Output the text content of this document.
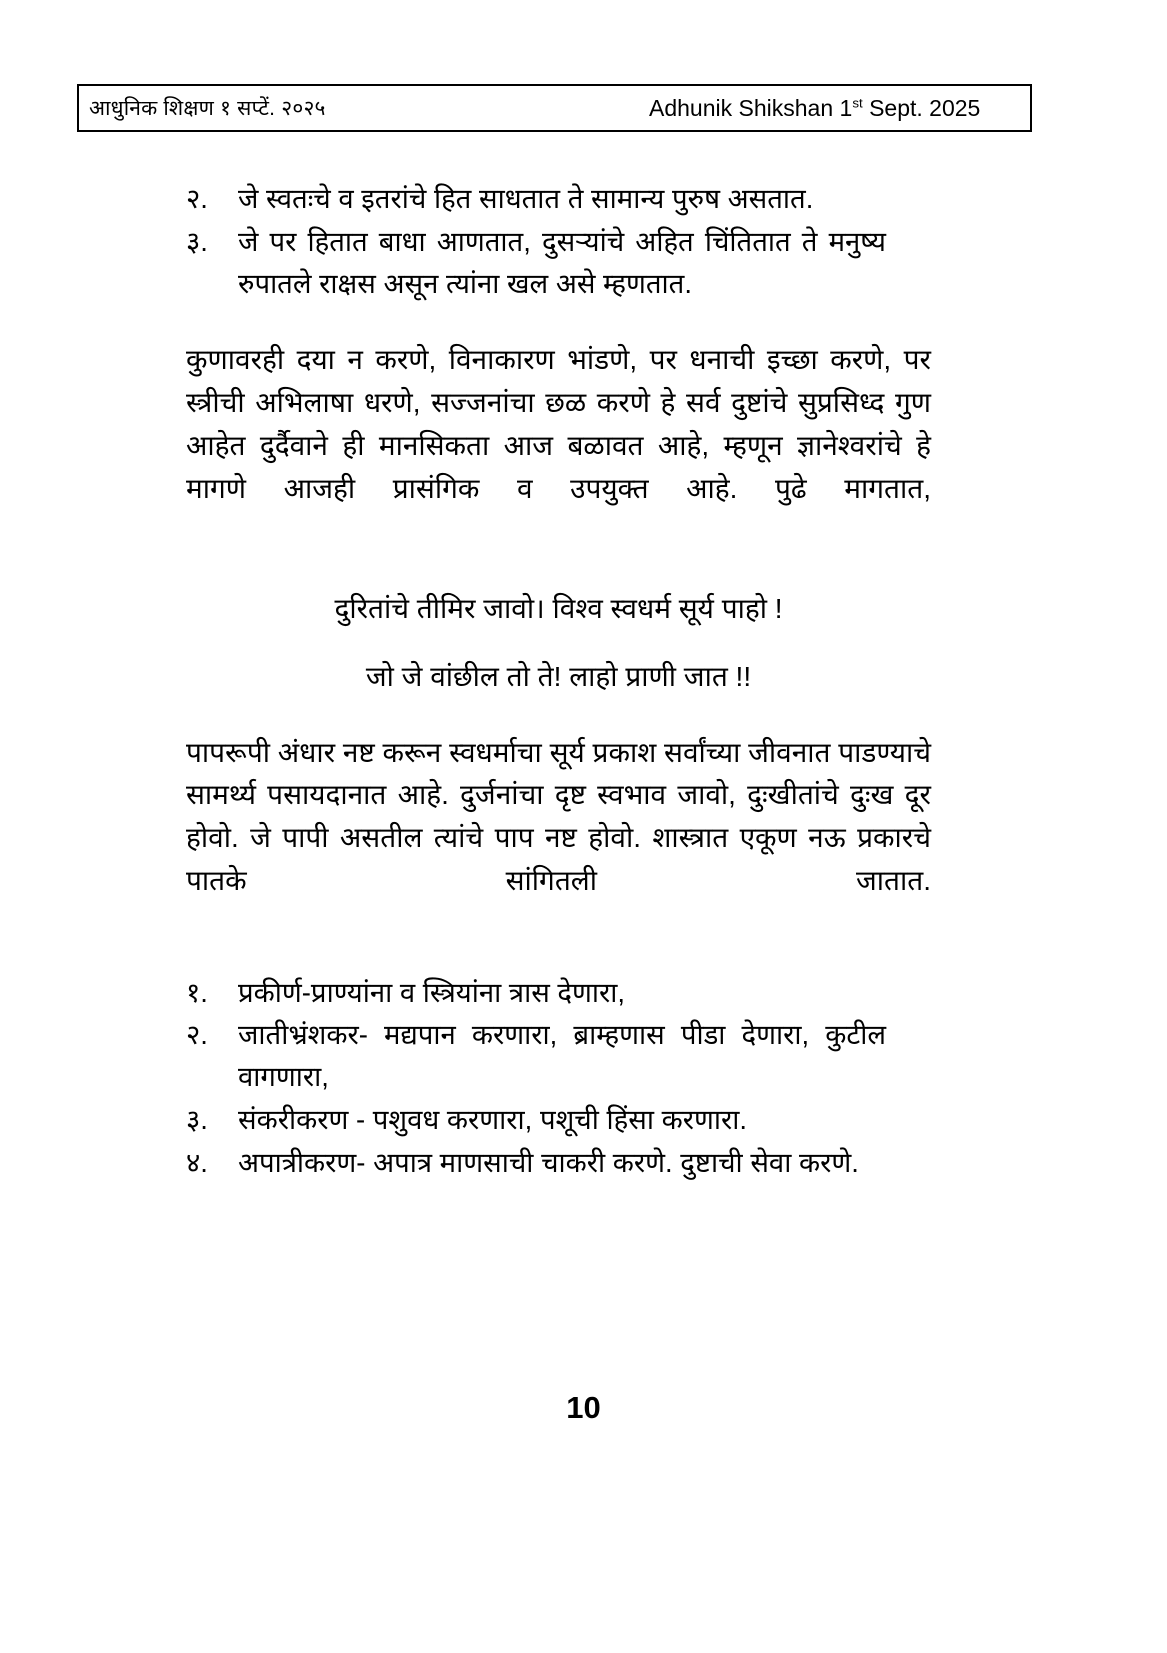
आधुनिक शिक्षण १ सप्टें. २०२५	Adhunik Shikshan 1st Sept. 2025
२.	जे स्वतःचे व इतरांचे हित साधतात ते सामान्य पुरुष असतात.
३.	जे पर हितात बाधा आणतात, दुसऱ्यांचे अहित चिंतितात ते मनुष्य रुपातले राक्षस असून त्यांना खल असे म्हणतात.

कुणावरही दया न करणे, विनाकारण भांडणे, पर धनाची इच्छा करणे, पर स्त्रीची अभिलाषा धरणे, सज्जनांचा छळ करणे हे सर्व दुष्टांचे सुप्रसिध्द गुण आहेत दुर्दैवाने ही मानसिकता आज बळावत आहे, म्हणून ज्ञानेश्वरांचे हे मागणे आजही प्रासंगिक व उपयुक्त आहे. पुढे मागतात,

दुरितांचे तीमिर जावो। विश्व स्वधर्म सूर्य पाहो !

जो जे वांछील तो ते! लाहो प्राणी जात !!

पापरूपी अंधार नष्ट करून स्वधर्माचा सूर्य प्रकाश सर्वांच्या जीवनात पाडण्याचे सामर्थ्य पसायदानात आहे. दुर्जनांचा दृष्ट स्वभाव जावो, दुःखीतांचे दुःख दूर होवो. जे पापी असतील त्यांचे पाप नष्ट होवो. शास्त्रात एकूण नऊ प्रकारचे पातके सांगितली जातात.

१.	प्रकीर्ण-प्राण्यांना व स्त्रियांना त्रास देणारा,
२.	जातीभ्रंशकर- मद्यपान करणारा, ब्राम्हणास पीडा देणारा, कुटील वागणारा,
३.	संकरीकरण - पशुवध करणारा, पशूची हिंसा करणारा.
४.	अपात्रीकरण- अपात्र माणसाची चाकरी करणे. दुष्टाची सेवा करणे.
10
